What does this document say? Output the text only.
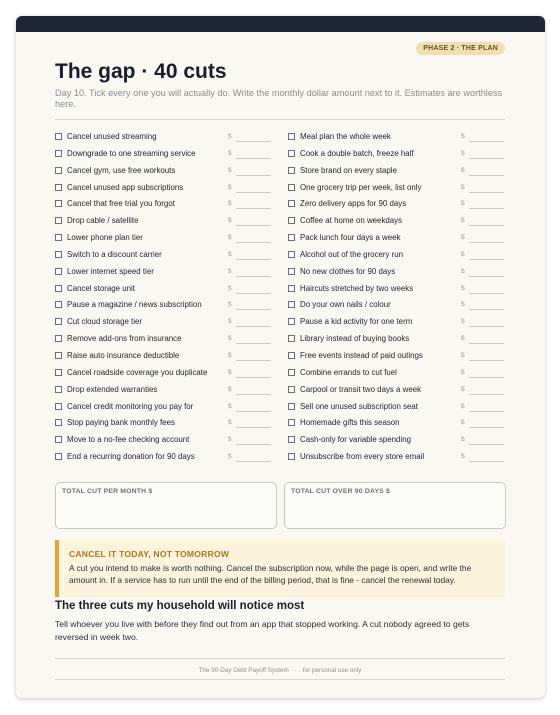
PHASE 2 · THE PLAN
The gap · 40 cuts

Day 10. Tick every one you will actually do. Write the monthly dollar amount next to it. Estimates are worthless here.

Cancel unused streaming	$
Downgrade to one streaming service	$
Cancel gym, use free workouts	$
Cancel unused app subscriptions	$
Cancel that free trial you forgot	$
Drop cable / satellite	$
Lower phone plan tier	$
Switch to a discount carrier	$
Lower internet speed tier	$
Cancel storage unit	$
Pause a magazine / news subscription	$
Cut cloud storage tier	$
Remove add-ons from insurance	$
Raise auto insurance deductible	$
Cancel roadside coverage you duplicate	$
Drop extended warranties	$
Cancel credit monitoring you pay for	$
Stop paying bank monthly fees	$
Move to a no-fee checking account	$
End a recurring donation for 90 days	$
Meal plan the whole week	$
Cook a double batch, freeze half	$
Store brand on every staple	$
One grocery trip per week, list only	$
Zero delivery apps for 90 days	$
Coffee at home on weekdays	$
Pack lunch four days a week	$
Alcohol out of the grocery run	$
No new clothes for 90 days	$
Haircuts stretched by two weeks	$
Do your own nails / colour	$
Pause a kid activity for one term	$
Library instead of buying books	$
Free events instead of paid outings	$
Combine errands to cut fuel	$
Carpool or transit two days a week	$
Sell one unused subscription seat	$
Homemade gifts this season	$
Cash-only for variable spending	$
Unsubscribe from every store email	$
TOTAL CUT PER MONTH $	TOTAL CUT OVER 90 DAYS $
CANCEL IT TODAY, NOT TOMORROW
A cut you intend to make is worth nothing. Cancel the subscription now, while the page is open, and write the amount in. If a service has to run until the end of the billing period, that is fine - cancel the renewal today.
The three cuts my household will notice most

Tell whoever you live with before they find out from an app that stopped working. A cut nobody agreed to gets reversed in week two.

The 90-Day Debt Payoff System · for personal use only
